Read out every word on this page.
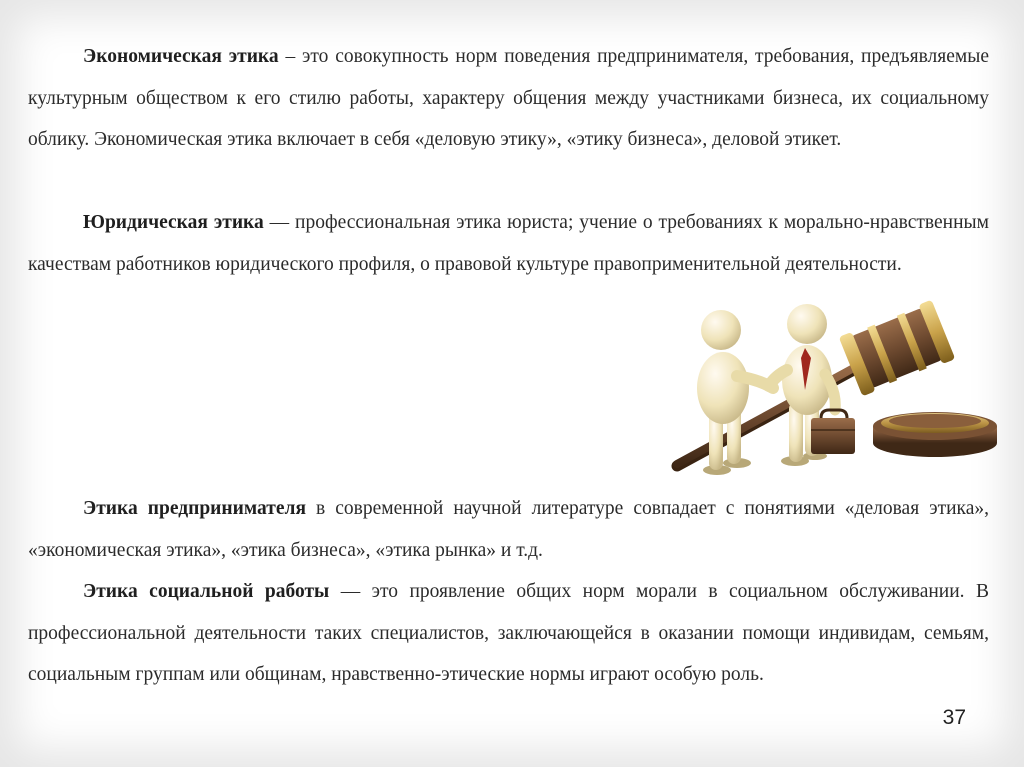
Экономическая этика – это совокупность норм поведения предпринимателя, требования, предъявляемые культурным обществом к его стилю работы, характеру общения между участниками бизнеса, их социальному облику. Экономическая этика включает в себя «деловую этику», «этику бизнеса», деловой этикет.

Юридическая этика — профессиональная этика юриста; учение о требованиях к морально-нравственным качествам работников юридического профиля, о правовой культуре правоприменительной деятельности.

Этика предпринимателя в современной научной литературе совпадает с понятиями «деловая этика», «экономическая этика», «этика бизнеса», «этика рынка» и т.д.

Этика социальной работы — это проявление общих норм морали в социальном обслуживании. В профессиональной деятельности таких специалистов, заключающейся в оказании помощи индивидам, семьям, социальным группам или общинам, нравственно-этические нормы играют особую роль.

37
